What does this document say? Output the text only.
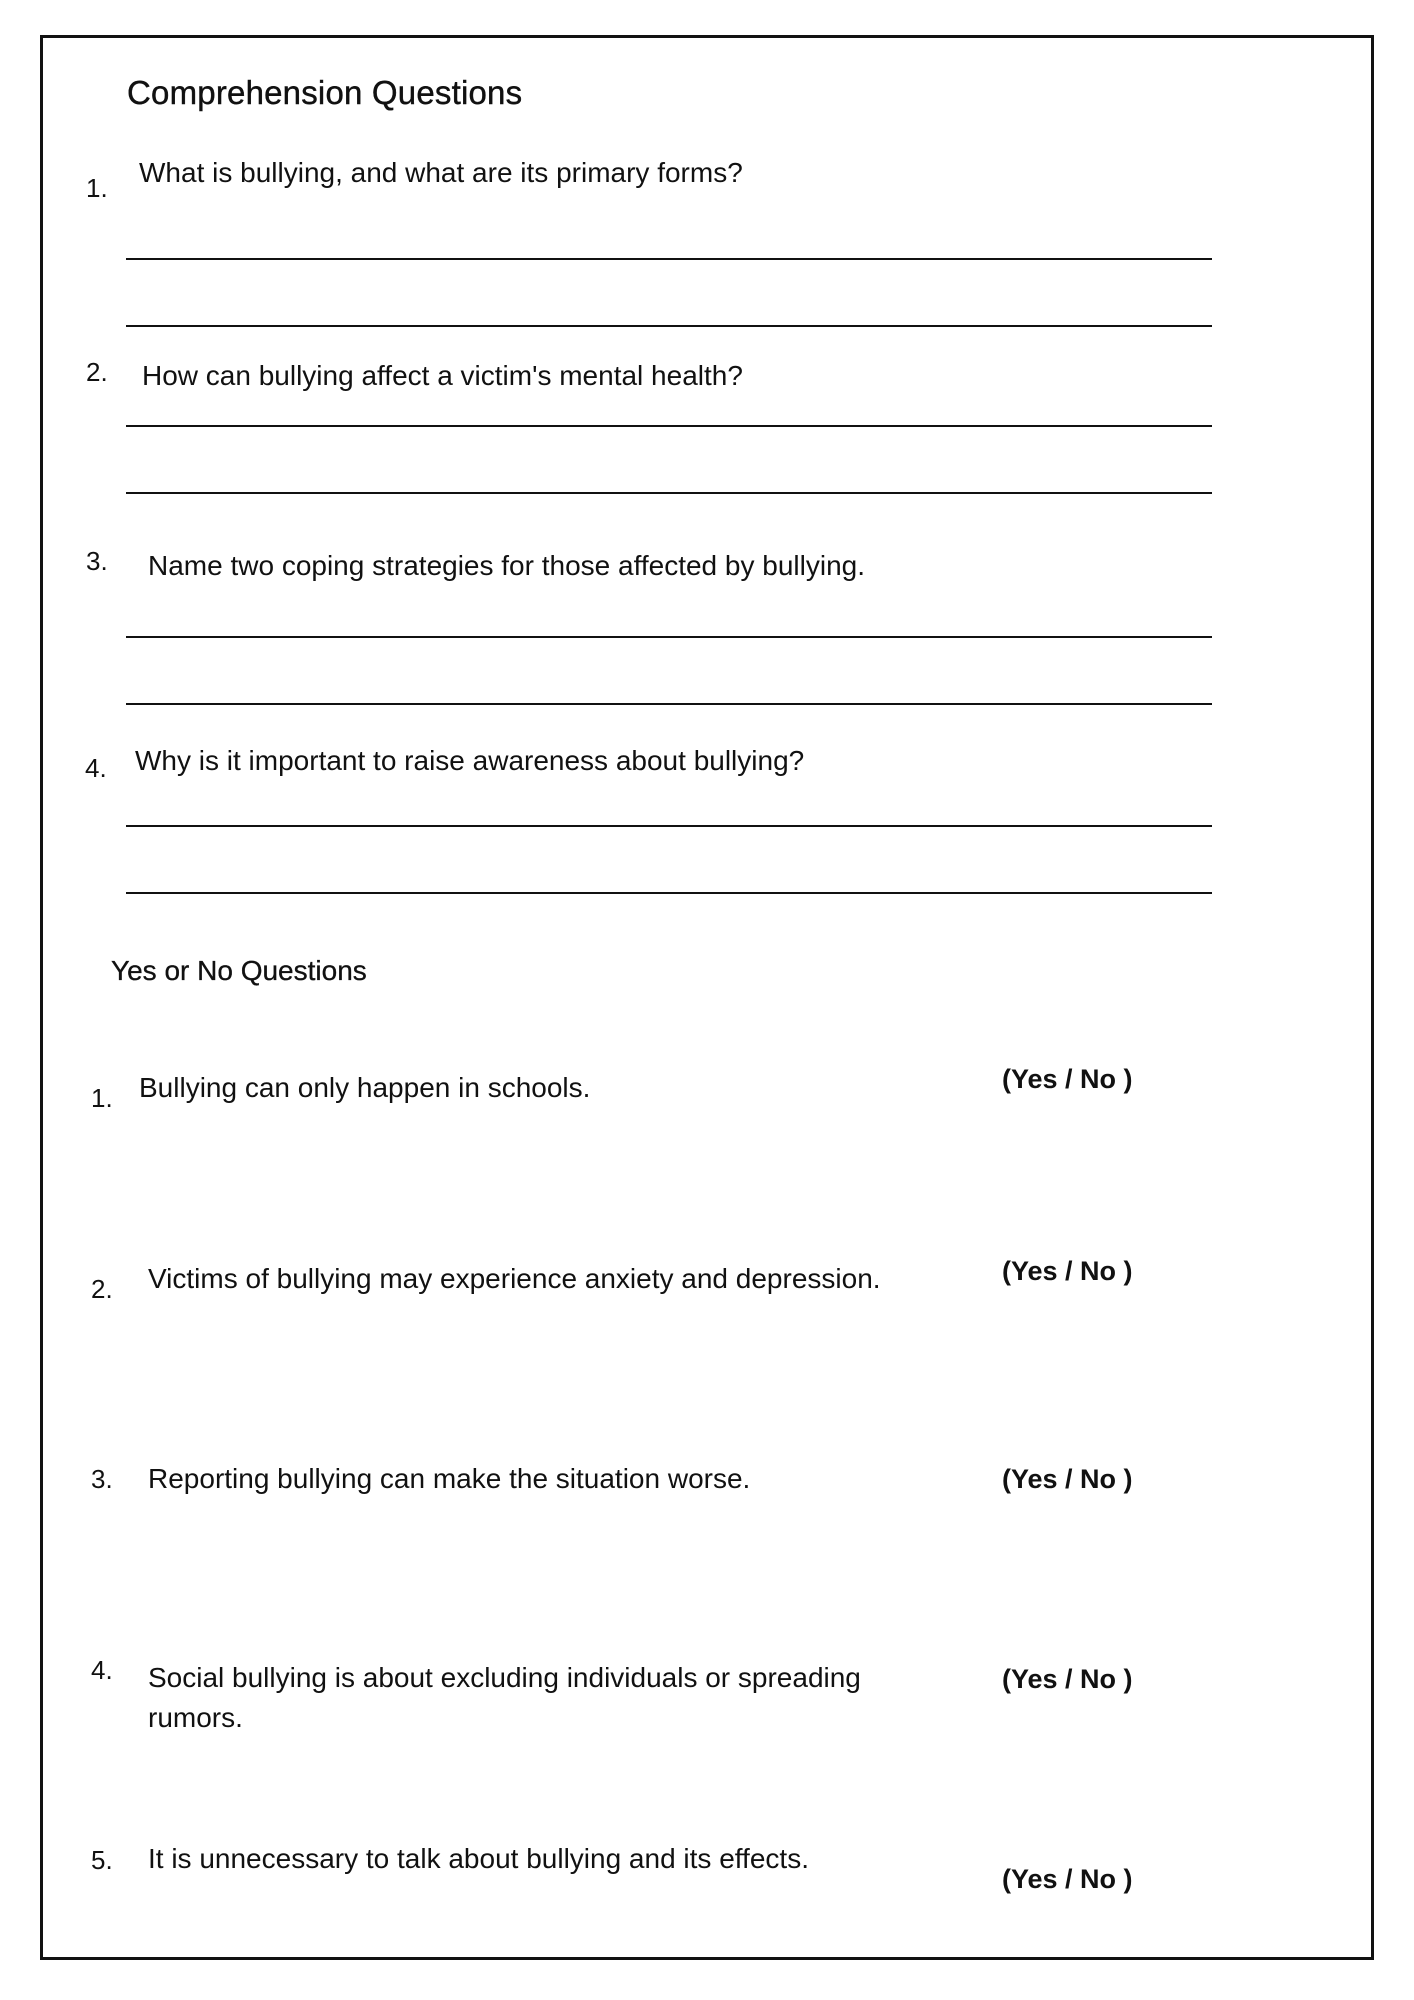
Comprehension Questions
1. What is bullying, and what are its primary forms?
2. How can bullying affect a victim's mental health?
3. Name two coping strategies for those affected by bullying.
4. Why is it important to raise awareness about bullying?
Yes or No Questions
1. Bullying can only happen in schools.	(Yes / No )
2. Victims of bullying may experience anxiety and depression.	(Yes / No )
3. Reporting bullying can make the situation worse.	(Yes / No )
4. Social bullying is about excluding individuals or spreading
rumors.
(Yes / No )
5. It is unnecessary to talk about bullying and its effects.
(Yes / No )
